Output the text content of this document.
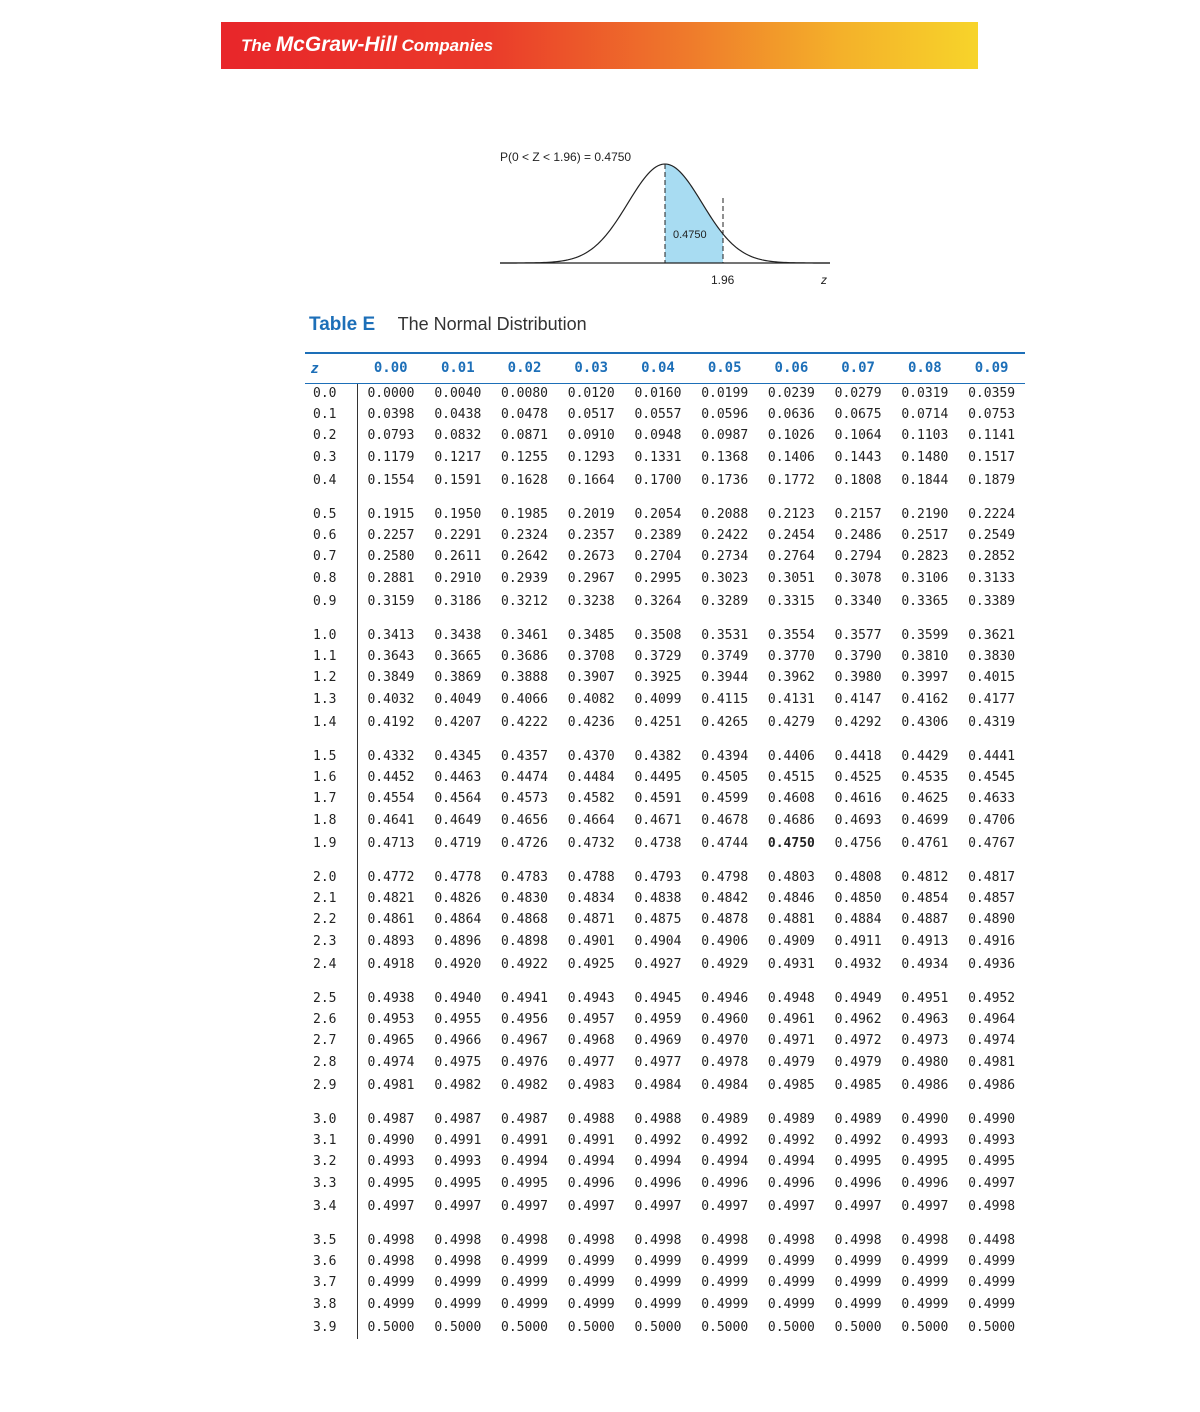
The McGraw-Hill Companies
P(0 < Z < 1.96) = 0.4750
0.4750
1.96	z
Table E The Normal Distribution
z	0.00	0.01	0.02	0.03	0.04	0.05	0.06	0.07	0.08	0.09
0.0	0.0000	0.0040	0.0080	0.0120	0.0160	0.0199	0.0239	0.0279	0.0319	0.0359
0.1	0.0398	0.0438	0.0478	0.0517	0.0557	0.0596	0.0636	0.0675	0.0714	0.0753
0.2	0.0793	0.0832	0.0871	0.0910	0.0948	0.0987	0.1026	0.1064	0.1103	0.1141
0.3	0.1179	0.1217	0.1255	0.1293	0.1331	0.1368	0.1406	0.1443	0.1480	0.1517
0.4	0.1554	0.1591	0.1628	0.1664	0.1700	0.1736	0.1772	0.1808	0.1844	0.1879

0.5	0.1915	0.1950	0.1985	0.2019	0.2054	0.2088	0.2123	0.2157	0.2190	0.2224
0.6	0.2257	0.2291	0.2324	0.2357	0.2389	0.2422	0.2454	0.2486	0.2517	0.2549
0.7	0.2580	0.2611	0.2642	0.2673	0.2704	0.2734	0.2764	0.2794	0.2823	0.2852
0.8	0.2881	0.2910	0.2939	0.2967	0.2995	0.3023	0.3051	0.3078	0.3106	0.3133
0.9	0.3159	0.3186	0.3212	0.3238	0.3264	0.3289	0.3315	0.3340	0.3365	0.3389

1.0	0.3413	0.3438	0.3461	0.3485	0.3508	0.3531	0.3554	0.3577	0.3599	0.3621
1.1	0.3643	0.3665	0.3686	0.3708	0.3729	0.3749	0.3770	0.3790	0.3810	0.3830
1.2	0.3849	0.3869	0.3888	0.3907	0.3925	0.3944	0.3962	0.3980	0.3997	0.4015
1.3	0.4032	0.4049	0.4066	0.4082	0.4099	0.4115	0.4131	0.4147	0.4162	0.4177
1.4	0.4192	0.4207	0.4222	0.4236	0.4251	0.4265	0.4279	0.4292	0.4306	0.4319

1.5	0.4332	0.4345	0.4357	0.4370	0.4382	0.4394	0.4406	0.4418	0.4429	0.4441
1.6	0.4452	0.4463	0.4474	0.4484	0.4495	0.4505	0.4515	0.4525	0.4535	0.4545
1.7	0.4554	0.4564	0.4573	0.4582	0.4591	0.4599	0.4608	0.4616	0.4625	0.4633
1.8	0.4641	0.4649	0.4656	0.4664	0.4671	0.4678	0.4686	0.4693	0.4699	0.4706
1.9	0.4713	0.4719	0.4726	0.4732	0.4738	0.4744	0.4750	0.4756	0.4761	0.4767

2.0	0.4772	0.4778	0.4783	0.4788	0.4793	0.4798	0.4803	0.4808	0.4812	0.4817
2.1	0.4821	0.4826	0.4830	0.4834	0.4838	0.4842	0.4846	0.4850	0.4854	0.4857
2.2	0.4861	0.4864	0.4868	0.4871	0.4875	0.4878	0.4881	0.4884	0.4887	0.4890
2.3	0.4893	0.4896	0.4898	0.4901	0.4904	0.4906	0.4909	0.4911	0.4913	0.4916
2.4	0.4918	0.4920	0.4922	0.4925	0.4927	0.4929	0.4931	0.4932	0.4934	0.4936

2.5	0.4938	0.4940	0.4941	0.4943	0.4945	0.4946	0.4948	0.4949	0.4951	0.4952
2.6	0.4953	0.4955	0.4956	0.4957	0.4959	0.4960	0.4961	0.4962	0.4963	0.4964
2.7	0.4965	0.4966	0.4967	0.4968	0.4969	0.4970	0.4971	0.4972	0.4973	0.4974
2.8	0.4974	0.4975	0.4976	0.4977	0.4977	0.4978	0.4979	0.4979	0.4980	0.4981
2.9	0.4981	0.4982	0.4982	0.4983	0.4984	0.4984	0.4985	0.4985	0.4986	0.4986

3.0	0.4987	0.4987	0.4987	0.4988	0.4988	0.4989	0.4989	0.4989	0.4990	0.4990
3.1	0.4990	0.4991	0.4991	0.4991	0.4992	0.4992	0.4992	0.4992	0.4993	0.4993
3.2	0.4993	0.4993	0.4994	0.4994	0.4994	0.4994	0.4994	0.4995	0.4995	0.4995
3.3	0.4995	0.4995	0.4995	0.4996	0.4996	0.4996	0.4996	0.4996	0.4996	0.4997
3.4	0.4997	0.4997	0.4997	0.4997	0.4997	0.4997	0.4997	0.4997	0.4997	0.4998

3.5	0.4998	0.4998	0.4998	0.4998	0.4998	0.4998	0.4998	0.4998	0.4998	0.4498
3.6	0.4998	0.4998	0.4999	0.4999	0.4999	0.4999	0.4999	0.4999	0.4999	0.4999
3.7	0.4999	0.4999	0.4999	0.4999	0.4999	0.4999	0.4999	0.4999	0.4999	0.4999
3.8	0.4999	0.4999	0.4999	0.4999	0.4999	0.4999	0.4999	0.4999	0.4999	0.4999
3.9	0.5000	0.5000	0.5000	0.5000	0.5000	0.5000	0.5000	0.5000	0.5000	0.5000
